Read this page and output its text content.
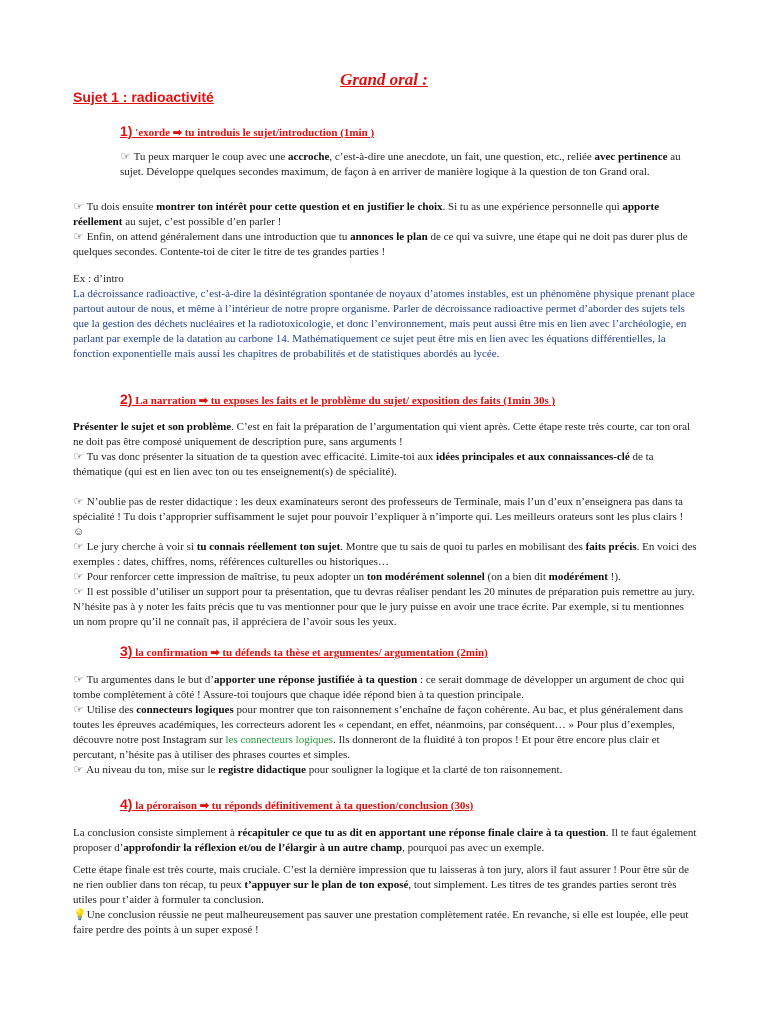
Grand oral :
Sujet 1 : radioactivité
1) 'exorde ➡ tu introduis le sujet/introduction (1min )
☞ Tu peux marquer le coup avec une accroche, c’est-à-dire une anecdote, un fait, une question, etc., reliée avec pertinence au sujet. Développe quelques secondes maximum, de façon à en arriver de manière logique à la question de ton Grand oral.
☞ Tu dois ensuite montrer ton intérêt pour cette question et en justifier le choix. Si tu as une expérience personnelle qui apporte réellement au sujet, c’est possible d’en parler !
☞ Enfin, on attend généralement dans une introduction que tu annonces le plan de ce qui va suivre, une étape qui ne doit pas durer plus de quelques secondes. Contente-toi de citer le titre de tes grandes parties !
Ex : d’intro
La décroissance radioactive, c’est-à-dire la désintégration spontanée de noyaux d’atomes instables, est un phénomène physique prenant place partout autour de nous, et même à l’intérieur de notre propre organisme. Parler de décroissance radioactive permet d’aborder des sujets tels que la gestion des déchets nucléaires et la radiotoxicologie, et donc l’environnement, mais peut aussi être mis en lien avec l’archéologie, en parlant par exemple de la datation au carbone 14. Mathématiquement ce sujet peut être mis en lien avec les équations différentielles, la fonction exponentielle mais aussi les chapitres de probabilités et de statistiques abordés au lycée.
2) La narration ➡ tu exposes les faits et le problème du sujet/ exposition des faits (1min 30s )
Présenter le sujet et son problème. C’est en fait la préparation de l’argumentation qui vient après. Cette étape reste très courte, car ton oral ne doit pas être composé uniquement de description pure, sans arguments !
☞ Tu vas donc présenter la situation de ta question avec efficacité. Limite-toi aux idées principales et aux connaissances-clé de ta thématique (qui est en lien avec ton ou tes enseignement(s) de spécialité).
☞ N’oublie pas de rester didactique : les deux examinateurs seront des professeurs de Terminale, mais l’un d’eux n’enseignera pas dans ta spécialité ! Tu dois t’approprier suffisamment le sujet pour pouvoir l’expliquer à n’importe qui. Les meilleurs orateurs sont les plus clairs ! ☺
☞ Le jury cherche à voir si tu connais réellement ton sujet. Montre que tu sais de quoi tu parles en mobilisant des faits précis. En voici des exemples : dates, chiffres, noms, références culturelles ou historiques…
☞ Pour renforcer cette impression de maîtrise, tu peux adopter un ton modérément solennel (on a bien dit modérément !).
☞ Il est possible d’utiliser un support pour ta présentation, que tu devras réaliser pendant les 20 minutes de préparation puis remettre au jury. N’hésite pas à y noter les faits précis que tu vas mentionner pour que le jury puisse en avoir une trace écrite. Par exemple, si tu mentionnes un nom propre qu’il ne connaît pas, il appréciera de l’avoir sous les yeux.
3) la confirmation ➡ tu défends ta thèse et argumentes/ argumentation (2min)
☞ Tu argumentes dans le but d’apporter une réponse justifiée à ta question : ce serait dommage de développer un argument de choc qui tombe complètement à côté ! Assure-toi toujours que chaque idée répond bien à ta question principale.
☞ Utilise des connecteurs logiques pour montrer que ton raisonnement s’enchaîne de façon cohérente. Au bac, et plus généralement dans toutes les épreuves académiques, les correcteurs adorent les « cependant, en effet, néanmoins, par conséquent… » Pour plus d’exemples, découvre notre post Instagram sur les connecteurs logiques. Ils donneront de la fluidité à ton propos ! Et pour être encore plus clair et percutant, n’hésite pas à utiliser des phrases courtes et simples.
☞ Au niveau du ton, mise sur le registre didactique pour souligner la logique et la clarté de ton raisonnement.
4) la péroraison ➡ tu réponds définitivement à ta question/conclusion (30s)
La conclusion consiste simplement à récapituler ce que tu as dit en apportant une réponse finale claire à ta question. Il te faut également proposer d’approfondir la réflexion et/ou de l’élargir à un autre champ, pourquoi pas avec un exemple.
Cette étape finale est très courte, mais cruciale. C’est la dernière impression que tu laisseras à ton jury, alors il faut assurer ! Pour être sûr de ne rien oublier dans ton récap, tu peux t’appuyer sur le plan de ton exposé, tout simplement. Les titres de tes grandes parties seront très utiles pour t’aider à formuler ta conclusion.
💡 Une conclusion réussie ne peut malheureusement pas sauver une prestation complètement ratée. En revanche, si elle est loupée, elle peut faire perdre des points à un super exposé !
